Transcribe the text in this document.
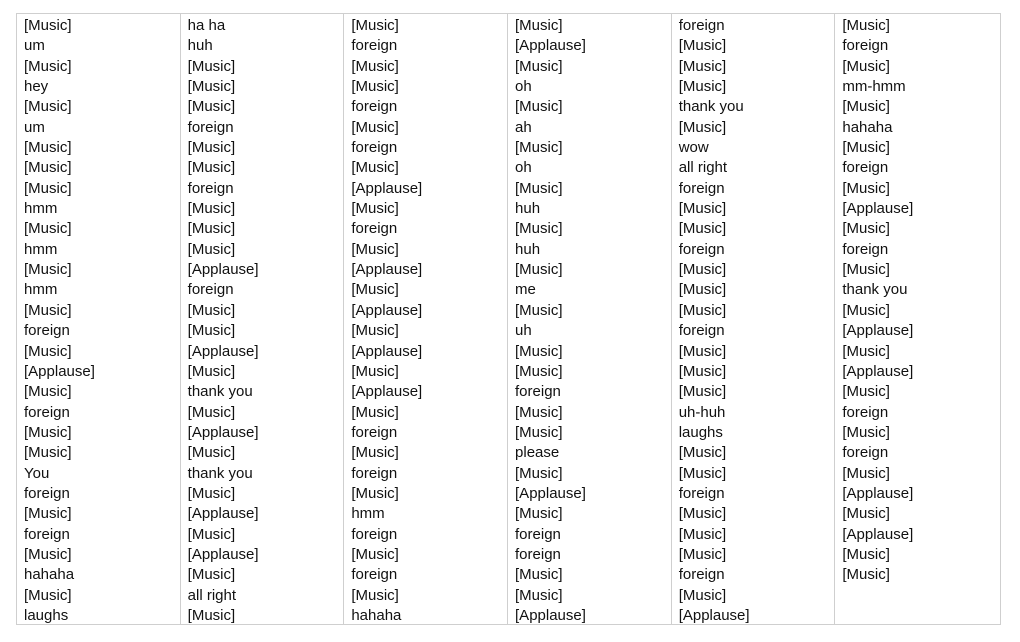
[Music]
um
[Music]
hey
[Music]
um
[Music]
[Music]
[Music]
hmm
[Music]
hmm
[Music]
hmm
[Music]
foreign
[Music]
[Applause]
[Music]
foreign
[Music]
[Music]
You
foreign
[Music]
foreign
[Music]
hahaha
[Music]
laughs
ha ha
huh
[Music]
[Music]
[Music]
foreign
[Music]
[Music]
foreign
[Music]
[Music]
[Music]
[Applause]
foreign
[Music]
[Music]
[Applause]
[Music]
thank you
[Music]
[Applause]
[Music]
thank you
[Music]
[Applause]
[Music]
[Applause]
[Music]
all right
[Music]
[Music]
foreign
[Music]
[Music]
foreign
[Music]
foreign
[Music]
[Applause]
[Music]
foreign
[Music]
[Applause]
[Music]
[Applause]
[Music]
[Applause]
[Music]
[Applause]
[Music]
foreign
[Music]
foreign
[Music]
hmm
foreign
[Music]
foreign
[Music]
hahaha
[Music]
[Applause]
[Music]
oh
[Music]
ah
[Music]
oh
[Music]
huh
[Music]
huh
[Music]
me
[Music]
uh
[Music]
[Music]
foreign
[Music]
[Music]
please
[Music]
[Applause]
[Music]
foreign
foreign
[Music]
[Music]
[Applause]
foreign
[Music]
[Music]
[Music]
thank you
[Music]
wow
all right
foreign
[Music]
[Music]
foreign
[Music]
[Music]
[Music]
foreign
[Music]
[Music]
[Music]
uh-huh
laughs
[Music]
[Music]
foreign
[Music]
[Music]
[Music]
foreign
[Music]
[Applause]
[Music]
foreign
[Music]
mm-hmm
[Music]
hahaha
[Music]
foreign
[Music]
[Applause]
[Music]
foreign
[Music]
thank you
[Music]
[Applause]
[Music]
[Applause]
[Music]
foreign
[Music]
foreign
[Music]
[Applause]
[Music]
[Applause]
[Music]
[Music]
